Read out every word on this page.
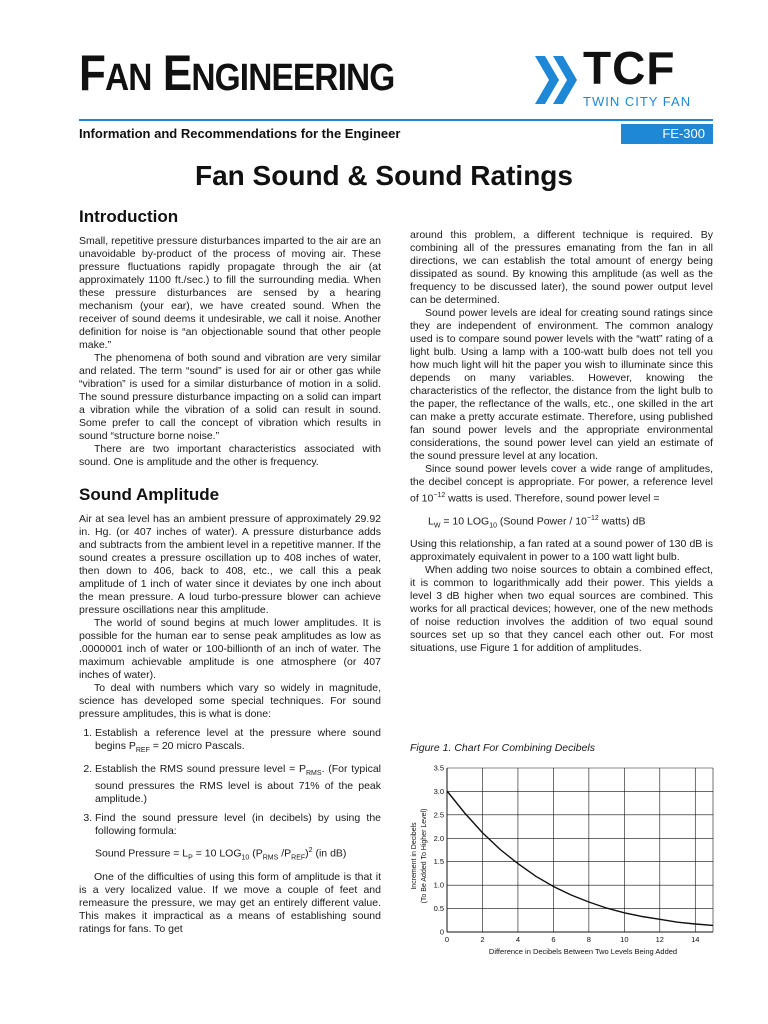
FAN ENGINEERING	TCF
TWIN CITY FAN
Information and Recommendations for the Engineer	FE-300
Fan Sound & Sound Ratings
Introduction

Small, repetitive pressure disturbances imparted to the air are an unavoidable by-product of the process of moving air. These pressure fluctuations rapidly propagate through the air (at approximately 1100 ft./sec.) to fill the surrounding media. When these pressure disturbances are sensed by a hearing mechanism (your ear), we have created sound. When the receiver of sound deems it undesirable, we call it noise. Another definition for noise is “an objectionable sound that other people make.”

The phenomena of both sound and vibration are very similar and related. The term “sound” is used for air or other gas while “vibration” is used for a similar disturbance of motion in a solid. The sound pressure disturbance impacting on a solid can impart a vibration while the vibration of a solid can result in sound. Some prefer to call the concept of vibration which results in sound “structure borne noise.”

There are two important characteristics associated with sound. One is amplitude and the other is frequency.

Sound Amplitude

Air at sea level has an ambient pressure of approximately 29.92 in. Hg. (or 407 inches of water). A pressure disturbance adds and subtracts from the ambient level in a repetitive manner. If the sound creates a pressure oscillation up to 408 inches of water, then down to 406, back to 408, etc., we call this a peak amplitude of 1 inch of water since it deviates by one inch about the mean pressure. A loud turbo-pressure blower can achieve pressure oscillations near this amplitude.

The world of sound begins at much lower amplitudes. It is possible for the human ear to sense peak amplitudes as low as .0000001 inch of water or 100-billionth of an inch of water. The maximum achievable amplitude is one atmosphere (or 407 inches of water).

To deal with numbers which vary so widely in magnitude, science has developed some special techniques. For sound pressure amplitudes, this is what is done:

1. Establish a reference level at the pressure where sound begins $P_{REF} = 20$ micro Pascals.
2. Establish the RMS sound pressure level = $P_{RMS}$. (For typical sound pressures the RMS level is about 71% of the peak amplitude.)
3. Find the sound pressure level (in decibels) by using the following formula:

Sound Pressure = $L_P = 10$ $LOG_{10}$ ($P_{RMS}$ $/P_{REF})^2$ (in dB)

One of the difficulties of using this form of amplitude is that it is a very localized value. If we move a couple of feet and remeasure the pressure, we may get an entirely different value. This makes it impractical as a means of establishing sound ratings for fans. To get

around this problem, a different technique is required. By combining all of the pressures emanating from the fan in all directions, we can establish the total amount of energy being dissipated as sound. By knowing this amplitude (as well as the frequency to be discussed later), the sound power output level can be determined.

Sound power levels are ideal for creating sound ratings since they are independent of environment. The common analogy used is to compare sound power levels with the “watt” rating of a light bulb. Using a lamp with a 100-watt bulb does not tell you how much light will hit the paper you wish to illuminate since this depends on many variables. However, knowing the characteristics of the reflector, the distance from the light bulb to the paper, the reflectance of the walls, etc., one skilled in the art can make a pretty accurate estimate. Therefore, using published fan sound power levels and the appropriate environmental considerations, the sound power level can yield an estimate of the sound pressure level at any location.

Since sound power levels cover a wide range of amplitudes, the decibel concept is appropriate. For power, a reference level of $10^{-12}$ watts is used. Therefore, sound power level =

$L_W = 10$ $LOG_{10}$ (Sound Power / $10^{-12}$ watts) dB

Using this relationship, a fan rated at a sound power of 130 dB is approximately equivalent in power to a 100 watt light bulb.

When adding two noise sources to obtain a combined effect, it is common to logarithmically add their power. This yields a level 3 dB higher when two equal sources are combined. This works for all practical devices; however, one of the new methods of noise reduction involves the addition of two equal sound sources set up so that they cancel each other out. For most situations, use Figure 1 for addition of amplitudes.

Figure 1. Chart For Combining Decibels
0	2	4	6	8	10	12	14
0
0.5
1.0
1.5
2.0
2.5
3.0
3.5
Difference in Decibels Between Two Levels Being Added
Increment in Decibels (To Be Added To Higher Level)
